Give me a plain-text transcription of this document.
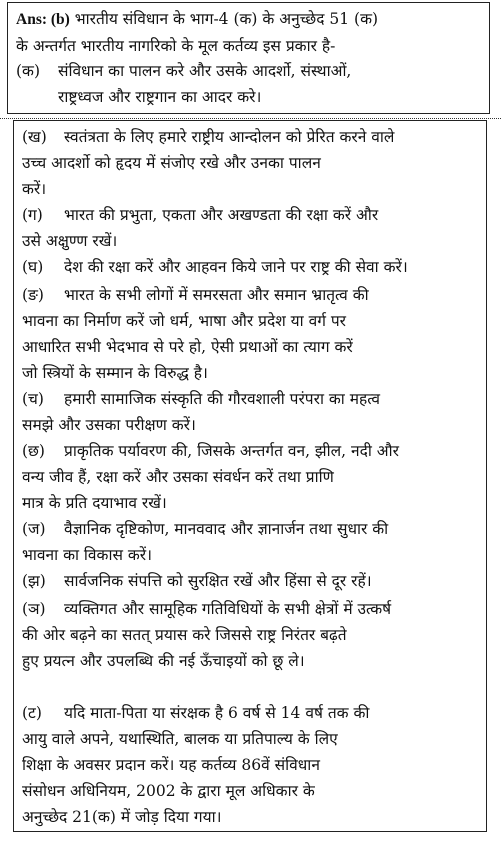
Ans: (b) भारतीय संविधान के भाग-4 (क) के अनुच्छेद 51 (क)
के अन्तर्गत भारतीय नागरिको के मूल कर्तव्य इस प्रकार है-
(क)	संविधान का पालन करे और उसके आदर्शो, संस्थाओं,
राष्ट्रध्वज और राष्ट्रगान का आदर करे।
(ख)	स्वतंत्रता के लिए हमारे राष्ट्रीय आन्दोलन को प्रेरित करने वाले
उच्च आदर्शो को हृदय में संजोए रखे और उनका पालन
करें।
(ग)	भारत की प्रभुता, एकता और अखण्डता की रक्षा करें और
उसे अक्षुण्ण रखें।
(घ)	देश की रक्षा करें और आहवन किये जाने पर राष्ट्र की सेवा करें।
(ङ)	भारत के सभी लोगों में समरसता और समान भ्रातृत्व की
भावना का निर्माण करें जो धर्म, भाषा और प्रदेश या वर्ग पर
आधारित सभी भेदभाव से परे हो, ऐसी प्रथाओं का त्याग करें
जो स्त्रियों के सम्मान के विरुद्ध है।
(च)	हमारी सामाजिक संस्कृति की गौरवशाली परंपरा का महत्व
समझे और उसका परीक्षण करें।
(छ)	प्राकृतिक पर्यावरण की, जिसके अन्तर्गत वन, झील, नदी और
वन्य जीव हैं, रक्षा करें और उसका संवर्धन करें तथा प्राणि
मात्र के प्रति दयाभाव रखें।
(ज)	वैज्ञानिक दृष्टिकोण, मानववाद और ज्ञानार्जन तथा सुधार की
भावना का विकास करें।
(झ)	सार्वजनिक संपत्ति को सुरक्षित रखें और हिंसा से दूर रहें।
(ञ)	व्यक्तिगत और सामूहिक गतिविधियों के सभी क्षेत्रों में उत्कर्ष
की ओर बढ़ने का सतत् प्रयास करे जिससे राष्ट्र निरंतर बढ़ते
हुए प्रयत्न और उपलब्धि की नई ऊँचाइयों को छू ले।
(ट)	यदि माता-पिता या संरक्षक है 6 वर्ष से 14 वर्ष तक की
आयु वाले अपने, यथास्थिति, बालक या प्रतिपाल्य के लिए
शिक्षा के अवसर प्रदान करें। यह कर्तव्य 86वें संविधान
संसोधन अधिनियम, 2002 के द्वारा मूल अधिकार के
अनुच्छेद 21(क) में जोड़ दिया गया।
